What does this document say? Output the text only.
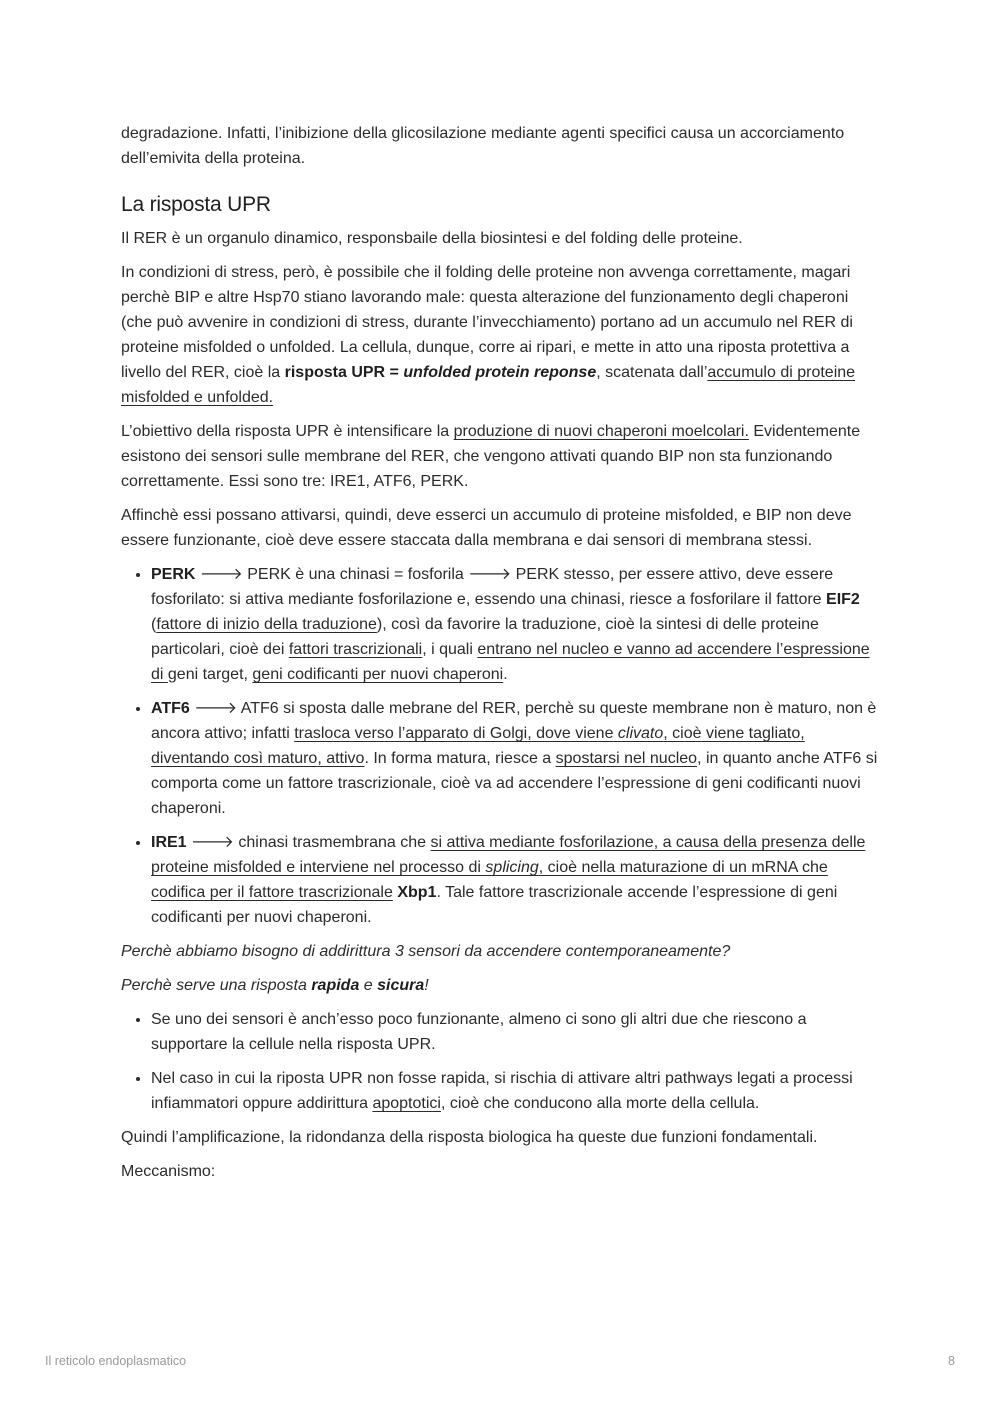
degradazione. Infatti, l’inibizione della glicosilazione mediante agenti specifici causa un accorciamento dell’emivita della proteina.

La risposta UPR

Il RER è un organulo dinamico, responsbaile della biosintesi e del folding delle proteine.

In condizioni di stress, però, è possibile che il folding delle proteine non avvenga correttamente, magari perchè BIP e altre Hsp70 stiano lavorando male: questa alterazione del funzionamento degli chaperoni (che può avvenire in condizioni di stress, durante l’invecchiamento) portano ad un accumulo nel RER di proteine misfolded o unfolded. La cellula, dunque, corre ai ripari, e mette in atto una riposta protettiva a livello del RER, cioè la risposta UPR = unfolded protein reponse, scatenata dall’accumulo di proteine misfolded e unfolded.

L’obiettivo della risposta UPR è intensificare la produzione di nuovi chaperoni moelcolari. Evidentemente esistono dei sensori sulle membrane del RER, che vengono attivati quando BIP non sta funzionando correttamente. Essi sono tre: IRE1, ATF6, PERK.

Affinchè essi possano attivarsi, quindi, deve esserci un accumulo di proteine misfolded, e BIP non deve essere funzionante, cioè deve essere staccata dalla membrana e dai sensori di membrana stessi.

• PERK 🡒 PERK è una chinasi = fosforila 🡒 PERK stesso, per essere attivo, deve essere fosforilato: si attiva mediante fosforilazione e, essendo una chinasi, riesce a fosforilare il fattore EIF2 (fattore di inizio della traduzione), così da favorire la traduzione, cioè la sintesi di delle proteine particolari, cioè dei fattori trascrizionali, i quali entrano nel nucleo e vanno ad accendere l’espressione di geni target, geni codificanti per nuovi chaperoni.
• ATF6 🡒 ATF6 si sposta dalle mebrane del RER, perchè su queste membrane non è maturo, non è ancora attivo; infatti trasloca verso l’apparato di Golgi, dove viene clivato, cioè viene tagliato, diventando così maturo, attivo. In forma matura, riesce a spostarsi nel nucleo, in quanto anche ATF6 si comporta come un fattore trascrizionale, cioè va ad accendere l’espressione di geni codificanti nuovi chaperoni.
• IRE1 🡒 chinasi trasmembrana che si attiva mediante fosforilazione, a causa della presenza delle proteine misfolded e interviene nel processo di splicing, cioè nella maturazione di un mRNA che codifica per il fattore trascrizionale Xbp1. Tale fattore trascrizionale accende l’espressione di geni codificanti per nuovi chaperoni.

Perchè abbiamo bisogno di addirittura 3 sensori da accendere contemporaneamente?

Perchè serve una risposta rapida e sicura!

• Se uno dei sensori è anch’esso poco funzionante, almeno ci sono gli altri due che riescono a supportare la cellule nella risposta UPR.
• Nel caso in cui la riposta UPR non fosse rapida, si rischia di attivare altri pathways legati a processi infiammatori oppure addirittura apoptotici, cioè che conducono alla morte della cellula.

Quindi l’amplificazione, la ridondanza della risposta biologica ha queste due funzioni fondamentali.

Meccanismo:

Il reticolo endoplasmatico	8
